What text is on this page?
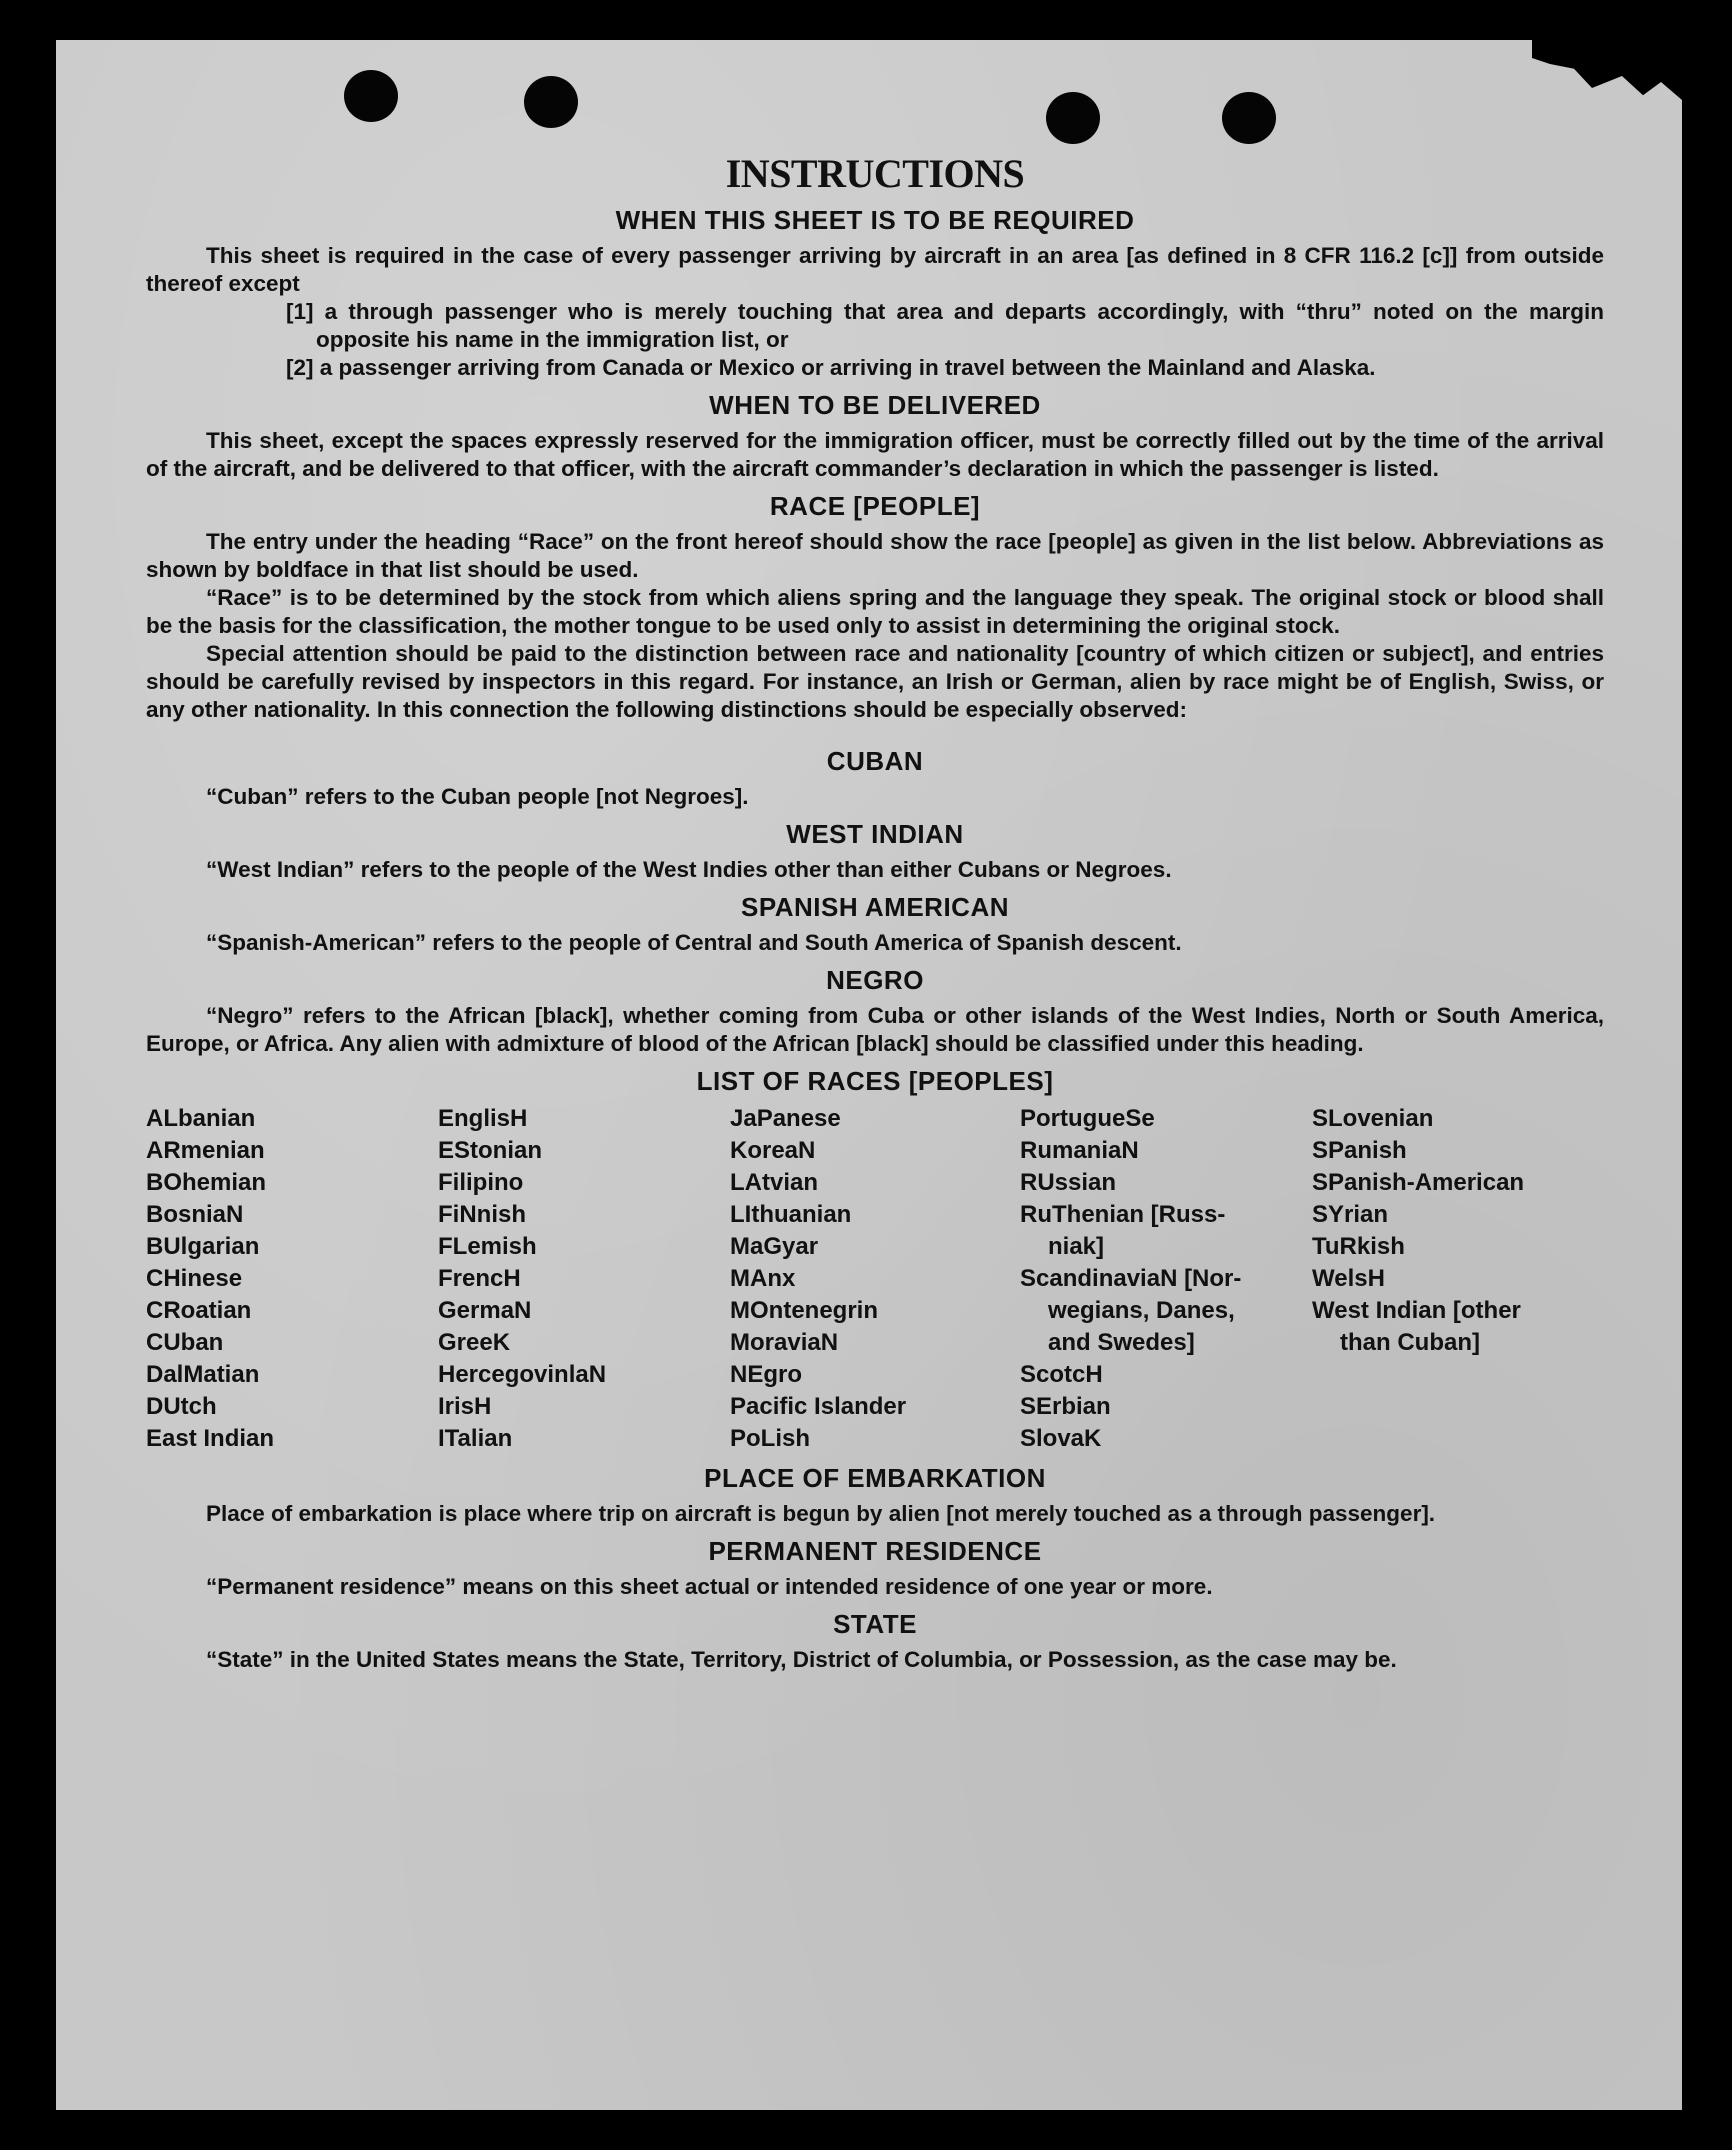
INSTRUCTIONS
WHEN THIS SHEET IS TO BE REQUIRED

This sheet is required in the case of every passenger arriving by aircraft in an area [as defined in 8 CFR 116.2 [c]] from outside thereof except

[1] a through passenger who is merely touching that area and departs accordingly, with “thru” noted on the margin opposite his name in the immigration list, or

[2] a passenger arriving from Canada or Mexico or arriving in travel between the Mainland and Alaska.

WHEN TO BE DELIVERED

This sheet, except the spaces expressly reserved for the immigration officer, must be correctly filled out by the time of the arrival of the aircraft, and be delivered to that officer, with the aircraft commander’s declaration in which the passenger is listed.

RACE [PEOPLE]

The entry under the heading “Race” on the front hereof should show the race [people] as given in the list below. Abbreviations as shown by boldface in that list should be used.

“Race” is to be determined by the stock from which aliens spring and the language they speak. The original stock or blood shall be the basis for the classification, the mother tongue to be used only to assist in determining the original stock.

Special attention should be paid to the distinction between race and nationality [country of which citizen or subject], and entries should be carefully revised by inspectors in this regard. For instance, an Irish or German, alien by race might be of English, Swiss, or any other nationality. In this connection the following distinctions should be especially observed:

CUBAN

“Cuban” refers to the Cuban people [not Negroes].

WEST INDIAN

“West Indian” refers to the people of the West Indies other than either Cubans or Negroes.

SPANISH AMERICAN

“Spanish-American” refers to the people of Central and South America of Spanish descent.

NEGRO

“Negro” refers to the African [black], whether coming from Cuba or other islands of the West Indies, North or South America, Europe, or Africa. Any alien with admixture of blood of the African [black] should be classified under this heading.

LIST OF RACES [PEOPLES]
ALbanian
ARmenian
BOhemian
BosniaN
BUlgarian
CHinese
CRoatian
CUban
DalMatian
DUtch
East Indian
EnglisH
EStonian
Filipino
FiNnish
FLemish
FrencH
GermaN
GreeK
HercegovinlaN
IrisH
ITalian
JaPanese
KoreaN
LAtvian
LIthuanian
MaGyar
MAnx
MOntenegrin
MoraviaN
NEgro
Pacific Islander
PoLish
PortugueSe
RumaniaN
RUssian
RuThenian [Russ-
niak]
ScandinaviaN [Nor-
wegians, Danes,
and Swedes]
ScotcH
SErbian
SlovaK
SLovenian
SPanish
SPanish-American
SYrian
TuRkish
WelsH
West Indian [other
than Cuban]
PLACE OF EMBARKATION

Place of embarkation is place where trip on aircraft is begun by alien [not merely touched as a through passenger].

PERMANENT RESIDENCE

“Permanent residence” means on this sheet actual or intended residence of one year or more.

STATE

“State” in the United States means the State, Territory, District of Columbia, or Possession, as the case may be.
